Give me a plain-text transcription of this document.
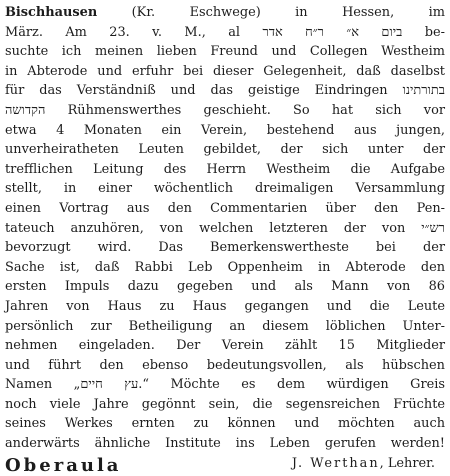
Bischhausen (Kr. Eschwege) in Hessen, im
März. Am 23. v. M., al ביום א״ ר״ח אדר be-
suchte ich meinen lieben Freund und Collegen Westheim
in Abterode und erfuhr bei dieser Gelegenheit, daß daselbst
für das Verständniß und das geistige Eindringen בתורתינו
הקדושה Rühmenswerthes geschieht. So hat sich vor
etwa 4 Monaten ein Verein, bestehend aus jungen,
unverheiratheten Leuten gebildet, der sich unter der
trefflichen Leitung des Herrn Westheim die Aufgabe
stellt, in einer wöchentlich dreimaligen Versammlung
einen Vortrag aus den Commentarien über den Pen-
tateuch anzuhören, von welchen letzteren der von רש״י
bevorzugt wird. Das Bemerkenswertheste bei der
Sache ist, daß Rabbi Leb Oppenheim in Abterode den
ersten Impuls dazu gegeben und als Mann von 86
Jahren von Haus zu Haus gegangen und die Leute
persönlich zur Betheiligung an diesem löblichen Unter-
nehmen eingeladen. Der Verein zählt 15 Mitglieder
und führt den ebenso bedeutungsvollen, als hübschen
Namen „עץ חיים.“ Möchte es dem würdigen Greis
noch viele Jahre gegönnt sein, die segensreichen Früchte
seines Werkes ernten zu können und möchten auch
anderwärts ähnliche Institute ins Leben gerufen werden!
J. Werthan, Lehrer.
Oberaula
